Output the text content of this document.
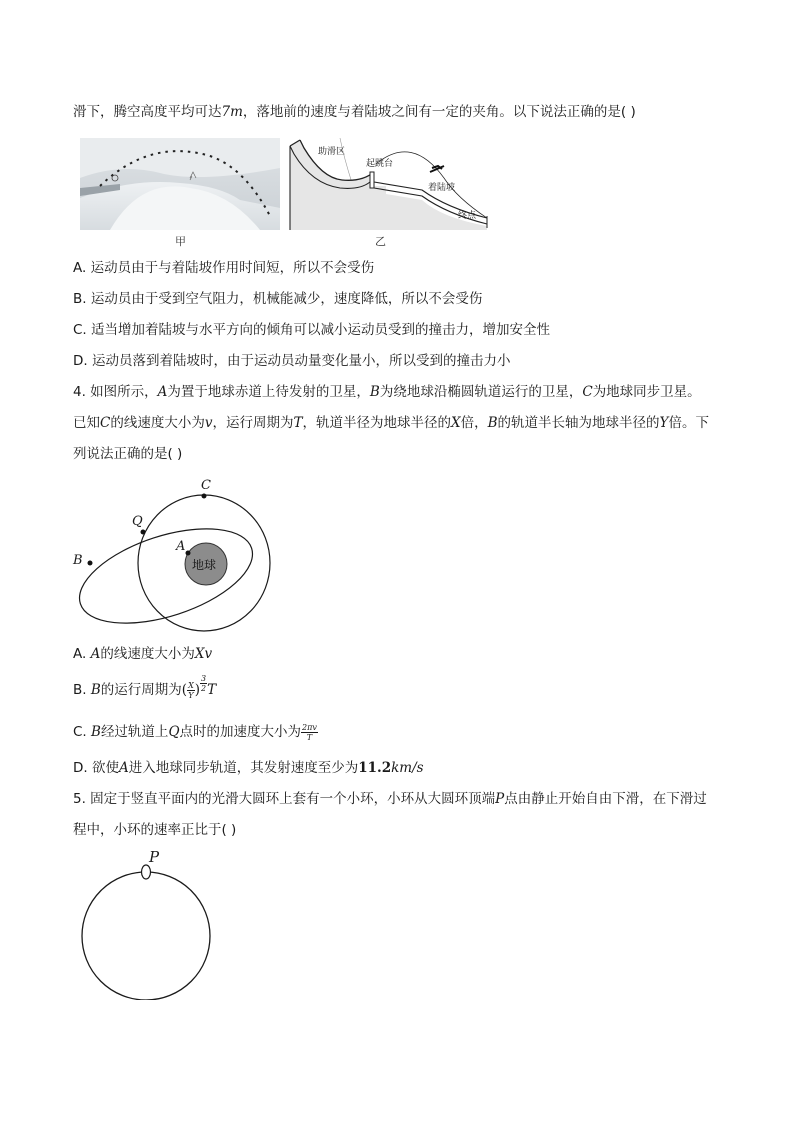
滑下，腾空高度平均可达7m，落地前的速度与着陆坡之间有一定的夹角。以下说法正确的是( )
甲
助滑区
起跳台
着陆坡
终点
乙
A. 运动员由于与着陆坡作用时间短，所以不会受伤
B. 运动员由于受到空气阻力，机械能减少，速度降低，所以不会受伤
C. 适当增加着陆坡与水平方向的倾角可以减小运动员受到的撞击力，增加安全性
D. 运动员落到着陆坡时，由于运动员动量变化量小，所以受到的撞击力小
4. 如图所示，A为置于地球赤道上待发射的卫星，B为绕地球沿椭圆轨道运行的卫星，C为地球同步卫星。
已知C的线速度大小为v，运行周期为T，轨道半径为地球半径的X倍，B的轨道半长轴为地球半径的Y倍。下
列说法正确的是( )
C
Q
A
B	地球
A. A的线速度大小为Xv
B. B的运行周期为( $\frac{X}{Y}$ ) $\frac{3}{2}$ T
C. B经过轨道上Q点时的加速度大小为 $\frac{2\pi v}{T}$
D. 欲使A进入地球同步轨道，其发射速度至少为11.2km/s
5. 固定于竖直平面内的光滑大圆环上套有一个小环，小环从大圆环顶端P点由静止开始自由下滑，在下滑过
程中，小环的速率正比于( )
P
